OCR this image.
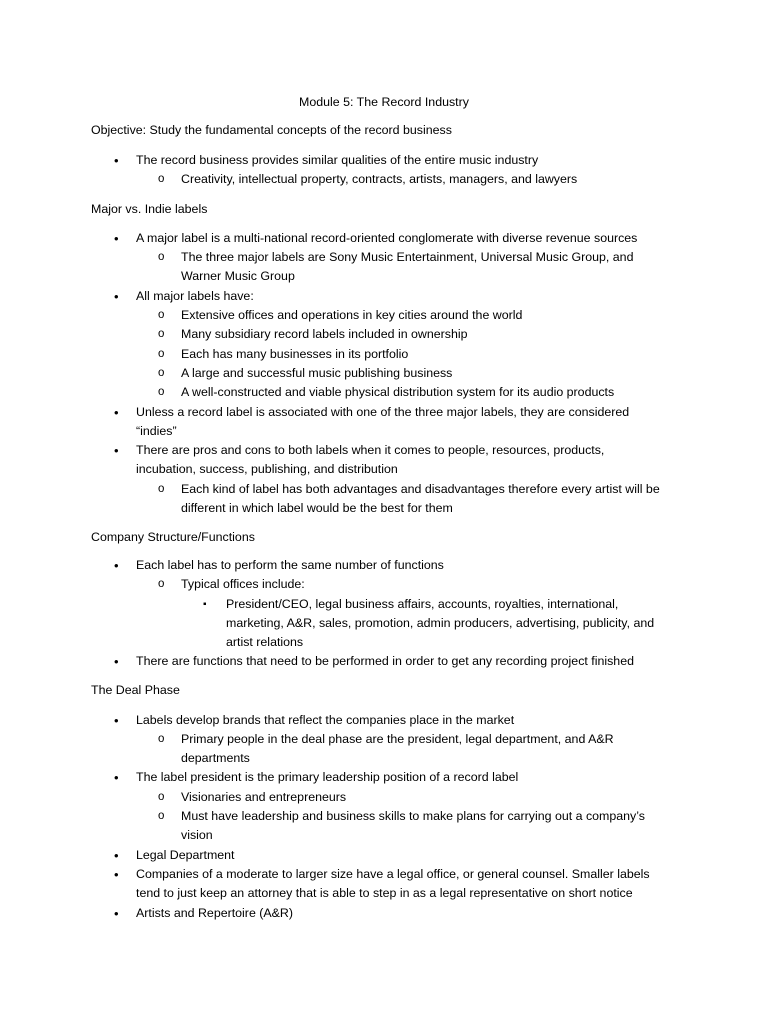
Module 5: The Record Industry
Objective: Study the fundamental concepts of the record business
• The record business provides similar qualities of the entire music industry
o Creativity, intellectual property, contracts, artists, managers, and lawyers
Major vs. Indie labels
• A major label is a multi-national record-oriented conglomerate with diverse revenue sources
o The three major labels are Sony Music Entertainment, Universal Music Group, and Warner Music Group
• All major labels have:
o Extensive offices and operations in key cities around the world
o Many subsidiary record labels included in ownership
o Each has many businesses in its portfolio
o A large and successful music publishing business
o A well-constructed and viable physical distribution system for its audio products
• Unless a record label is associated with one of the three major labels, they are considered “indies”
• There are pros and cons to both labels when it comes to people, resources, products, incubation, success, publishing, and distribution
o Each kind of label has both advantages and disadvantages therefore every artist will be different in which label would be the best for them
Company Structure/Functions
• Each label has to perform the same number of functions
o Typical offices include:
▪ President/CEO, legal business affairs, accounts, royalties, international, marketing, A&R, sales, promotion, admin producers, advertising, publicity, and artist relations
• There are functions that need to be performed in order to get any recording project finished
The Deal Phase
• Labels develop brands that reflect the companies place in the market
o Primary people in the deal phase are the president, legal department, and A&R departments
• The label president is the primary leadership position of a record label
o Visionaries and entrepreneurs
o Must have leadership and business skills to make plans for carrying out a company’s vision
• Legal Department
• Companies of a moderate to larger size have a legal office, or general counsel. Smaller labels tend to just keep an attorney that is able to step in as a legal representative on short notice
• Artists and Repertoire (A&R)
